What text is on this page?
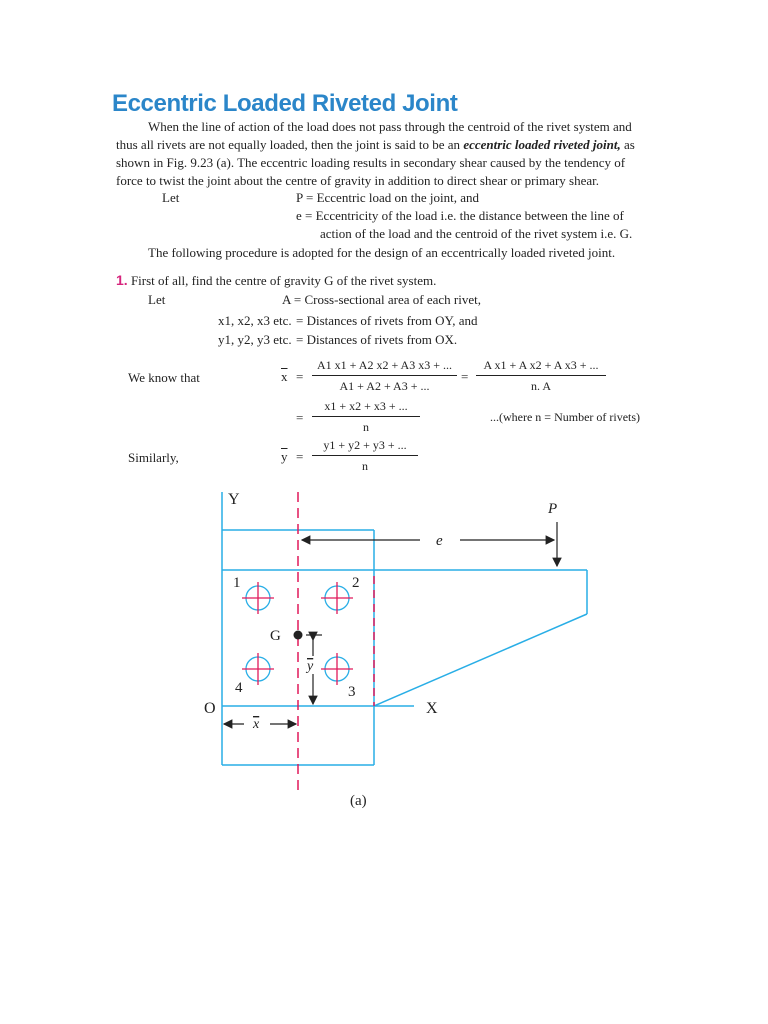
Eccentric Loaded Riveted Joint
When the line of action of the load does not pass through the centroid of the rivet system and
thus all rivets are not equally loaded, then the joint is said to be an eccentric loaded riveted joint, as
shown in Fig. 9.23 (a). The eccentric loading results in secondary shear caused by the tendency of
force to twist the joint about the centre of gravity in addition to direct shear or primary shear.
Let	P = Eccentric load on the joint, and
e = Eccentricity of the load i.e. the distance between the line of
action of the load and the centroid of the rivet system i.e. G.
The following procedure is adopted for the design of an eccentrically loaded riveted joint.
1. First of all, find the centre of gravity G of the rivet system.
Let	A = Cross-sectional area of each rivet,
x1, x2, x3 etc. = Distances of rivets from OY, and
y1, y2, y3 etc. = Distances of rivets from OX.
We know that
Similarly,
$\overline{x} = \frac{A1 x1 + A2 x2 + A3 x3 + ...}{A1 + A2 + A3 + ...} = \frac{\text{A x1 + A x2 + A x3 + ...}}{n. A}$
= $\frac{x1 + x2 + x3 + ...}{n}$	...(where n = Number of rivets)
$\overline{y} = \frac{y1 + y2 + y3 + ...}{n}$
Y
X
O
P
e
G
1	2
3
4
y
x
(a)
